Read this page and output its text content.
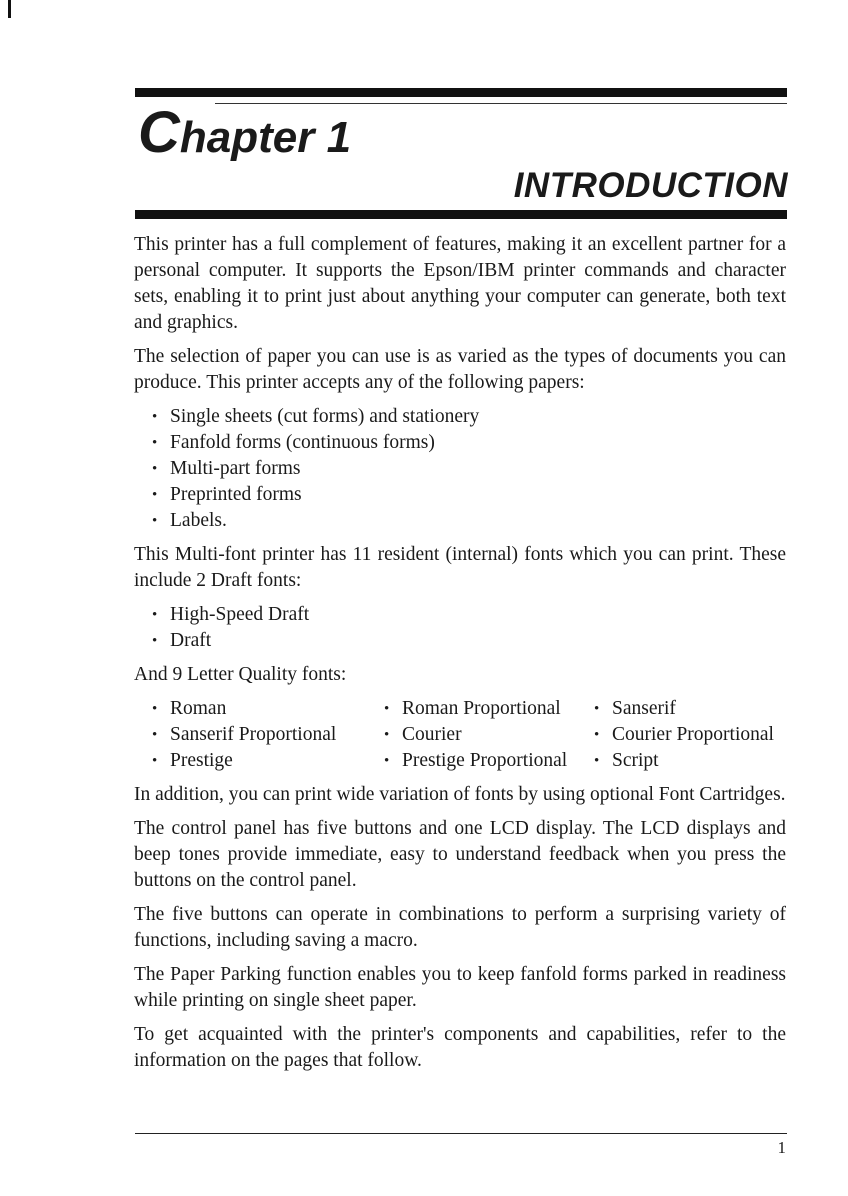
Chapter 1
INTRODUCTION

This printer has a full complement of features, making it an excellent partner for a personal computer. It supports the Epson/IBM printer commands and character sets, enabling it to print just about anything your computer can generate, both text and graphics.

The selection of paper you can use is as varied as the types of documents you can produce. This printer accepts any of the following papers:

• Single sheets (cut forms) and stationery
• Fanfold forms (continuous forms)
• Multi-part forms
• Preprinted forms
• Labels.

This Multi-font printer has 11 resident (internal) fonts which you can print. These include 2 Draft fonts:

• High-Speed Draft
• Draft

And 9 Letter Quality fonts:

• Roman	• Roman Proportional	• Sanserif
• Sanserif Proportional	• Courier	• Courier Proportional
• Prestige	• Prestige Proportional	• Script

In addition, you can print wide variation of fonts by using optional Font Cartridges.

The control panel has five buttons and one LCD display. The LCD displays and beep tones provide immediate, easy to understand feedback when you press the buttons on the control panel.

The five buttons can operate in combinations to perform a surprising variety of functions, including saving a macro.

The Paper Parking function enables you to keep fanfold forms parked in readiness while printing on single sheet paper.

To get acquainted with the printer's components and capabilities, refer to the information on the pages that follow.

1
